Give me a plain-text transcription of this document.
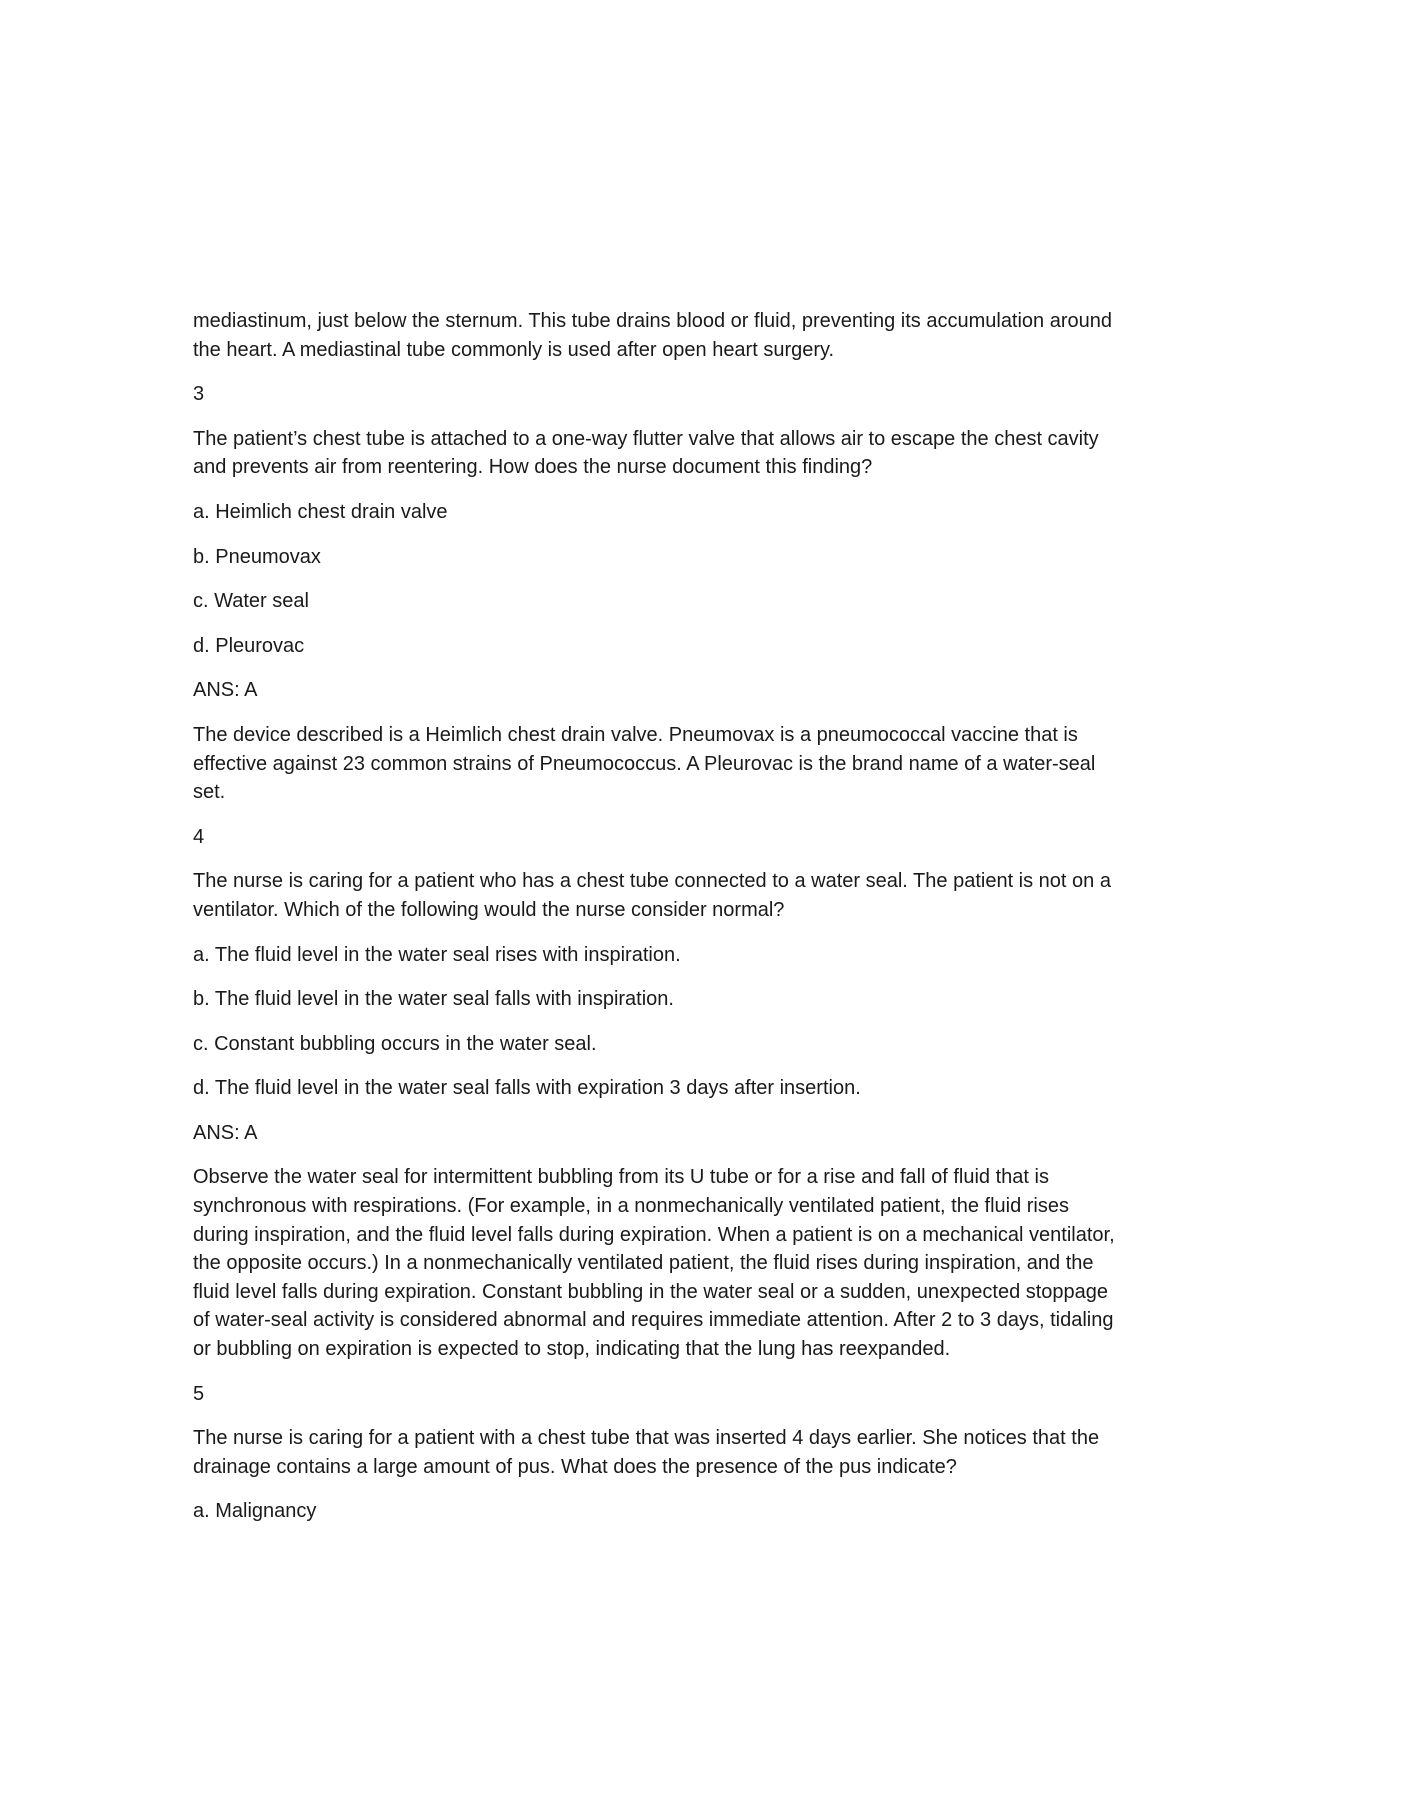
mediastinum, just below the sternum. This tube drains blood or fluid, preventing its accumulation around the heart. A mediastinal tube commonly is used after open heart surgery.

3

The patient’s chest tube is attached to a one-way flutter valve that allows air to escape the chest cavity and prevents air from reentering. How does the nurse document this finding?

a. Heimlich chest drain valve

b. Pneumovax

c. Water seal

d. Pleurovac

ANS: A

The device described is a Heimlich chest drain valve. Pneumovax is a pneumococcal vaccine that is effective against 23 common strains of Pneumococcus. A Pleurovac is the brand name of a water-seal set.

4

The nurse is caring for a patient who has a chest tube connected to a water seal. The patient is not on a ventilator. Which of the following would the nurse consider normal?

a. The fluid level in the water seal rises with inspiration.

b. The fluid level in the water seal falls with inspiration.

c. Constant bubbling occurs in the water seal.

d. The fluid level in the water seal falls with expiration 3 days after insertion.

ANS: A

Observe the water seal for intermittent bubbling from its U tube or for a rise and fall of fluid that is synchronous with respirations. (For example, in a nonmechanically ventilated patient, the fluid rises during inspiration, and the fluid level falls during expiration. When a patient is on a mechanical ventilator, the opposite occurs.) In a nonmechanically ventilated patient, the fluid rises during inspiration, and the fluid level falls during expiration. Constant bubbling in the water seal or a sudden, unexpected stoppage of water-seal activity is considered abnormal and requires immediate attention. After 2 to 3 days, tidaling or bubbling on expiration is expected to stop, indicating that the lung has reexpanded.

5

The nurse is caring for a patient with a chest tube that was inserted 4 days earlier. She notices that the drainage contains a large amount of pus. What does the presence of the pus indicate?

a. Malignancy
